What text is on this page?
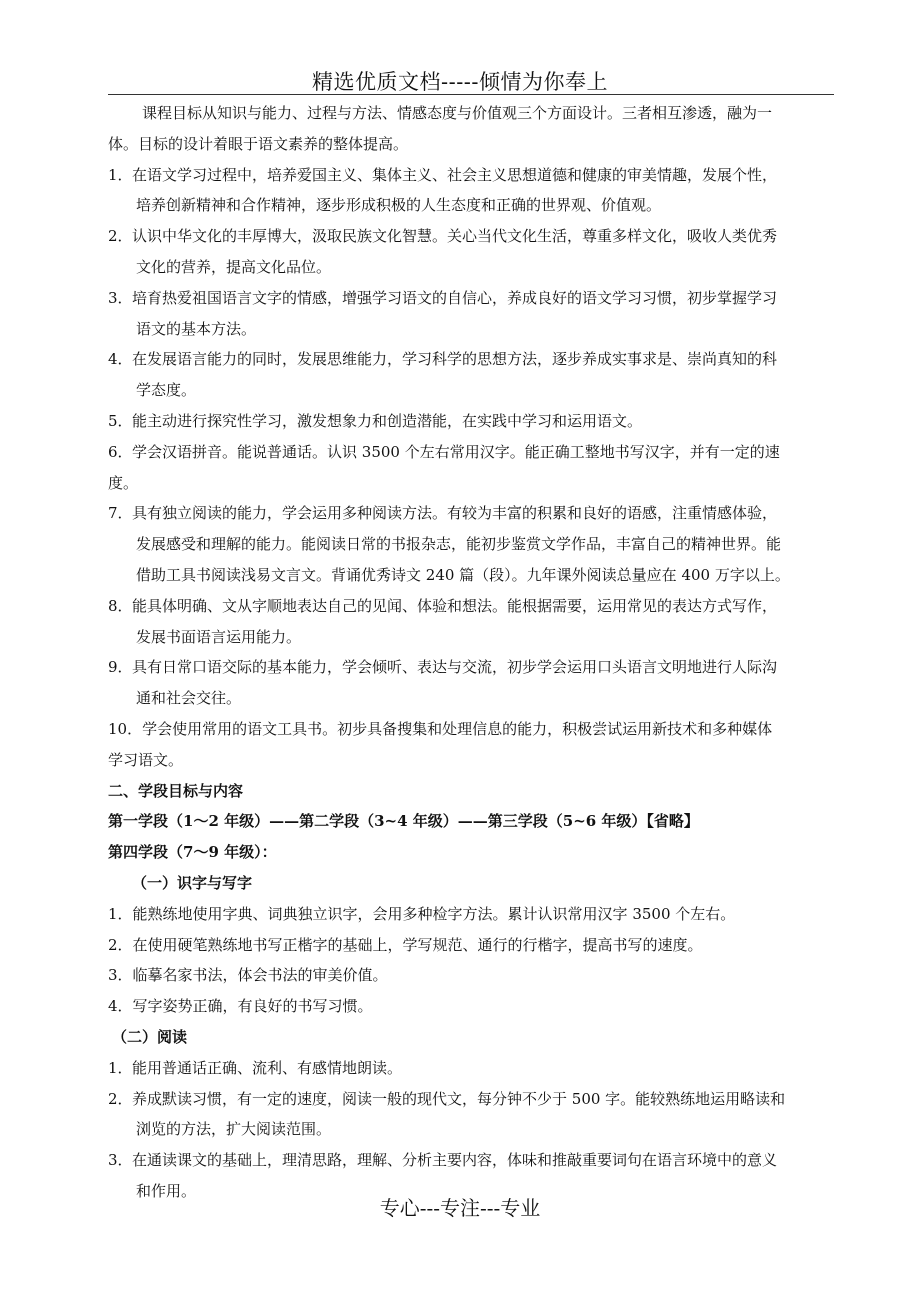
精选优质文档-----倾情为你奉上
课程目标从知识与能力、过程与方法、情感态度与价值观三个方面设计。三者相互渗透，融为一
体。目标的设计着眼于语文素养的整体提高。
1．在语文学习过程中，培养爱国主义、集体主义、社会主义思想道德和健康的审美情趣，发展个性，
培养创新精神和合作精神，逐步形成积极的人生态度和正确的世界观、价值观。
2．认识中华文化的丰厚博大，汲取民族文化智慧。关心当代文化生活，尊重多样文化，吸收人类优秀
文化的营养，提高文化品位。
3．培育热爱祖国语言文字的情感，增强学习语文的自信心，养成良好的语文学习习惯，初步掌握学习
语文的基本方法。
4．在发展语言能力的同时，发展思维能力，学习科学的思想方法，逐步养成实事求是、崇尚真知的科
学态度。
5．能主动进行探究性学习，激发想象力和创造潜能，在实践中学习和运用语文。
6．学会汉语拼音。能说普通话。认识 3500 个左右常用汉字。能正确工整地书写汉字，并有一定的速
度。
7．具有独立阅读的能力，学会运用多种阅读方法。有较为丰富的积累和良好的语感，注重情感体验，
发展感受和理解的能力。能阅读日常的书报杂志，能初步鉴赏文学作品，丰富自己的精神世界。能
借助工具书阅读浅易文言文。背诵优秀诗文 240 篇（段）。九年课外阅读总量应在 400 万字以上。
8．能具体明确、文从字顺地表达自己的见闻、体验和想法。能根据需要，运用常见的表达方式写作，
发展书面语言运用能力。
9．具有日常口语交际的基本能力，学会倾听、表达与交流，初步学会运用口头语言文明地进行人际沟
通和社会交往。
10．学会使用常用的语文工具书。初步具备搜集和处理信息的能力，积极尝试运用新技术和多种媒体
学习语文。
二、学段目标与内容
第一学段（1～2 年级）——第二学段（3~4 年级）——第三学段（5~6 年级）【省略】
第四学段（7～9 年级）：
（一）识字与写字
1．能熟练地使用字典、词典独立识字，会用多种检字方法。累计认识常用汉字 3500 个左右。
2．在使用硬笔熟练地书写正楷字的基础上，学写规范、通行的行楷字，提高书写的速度。
3．临摹名家书法，体会书法的审美价值。
4．写字姿势正确，有良好的书写习惯。
（二）阅读
1．能用普通话正确、流利、有感情地朗读。
2．养成默读习惯，有一定的速度，阅读一般的现代文，每分钟不少于 500 字。能较熟练地运用略读和
浏览的方法，扩大阅读范围。
3．在通读课文的基础上，理清思路，理解、分析主要内容，体味和推敲重要词句在语言环境中的意义
和作用。
专心---专注---专业
